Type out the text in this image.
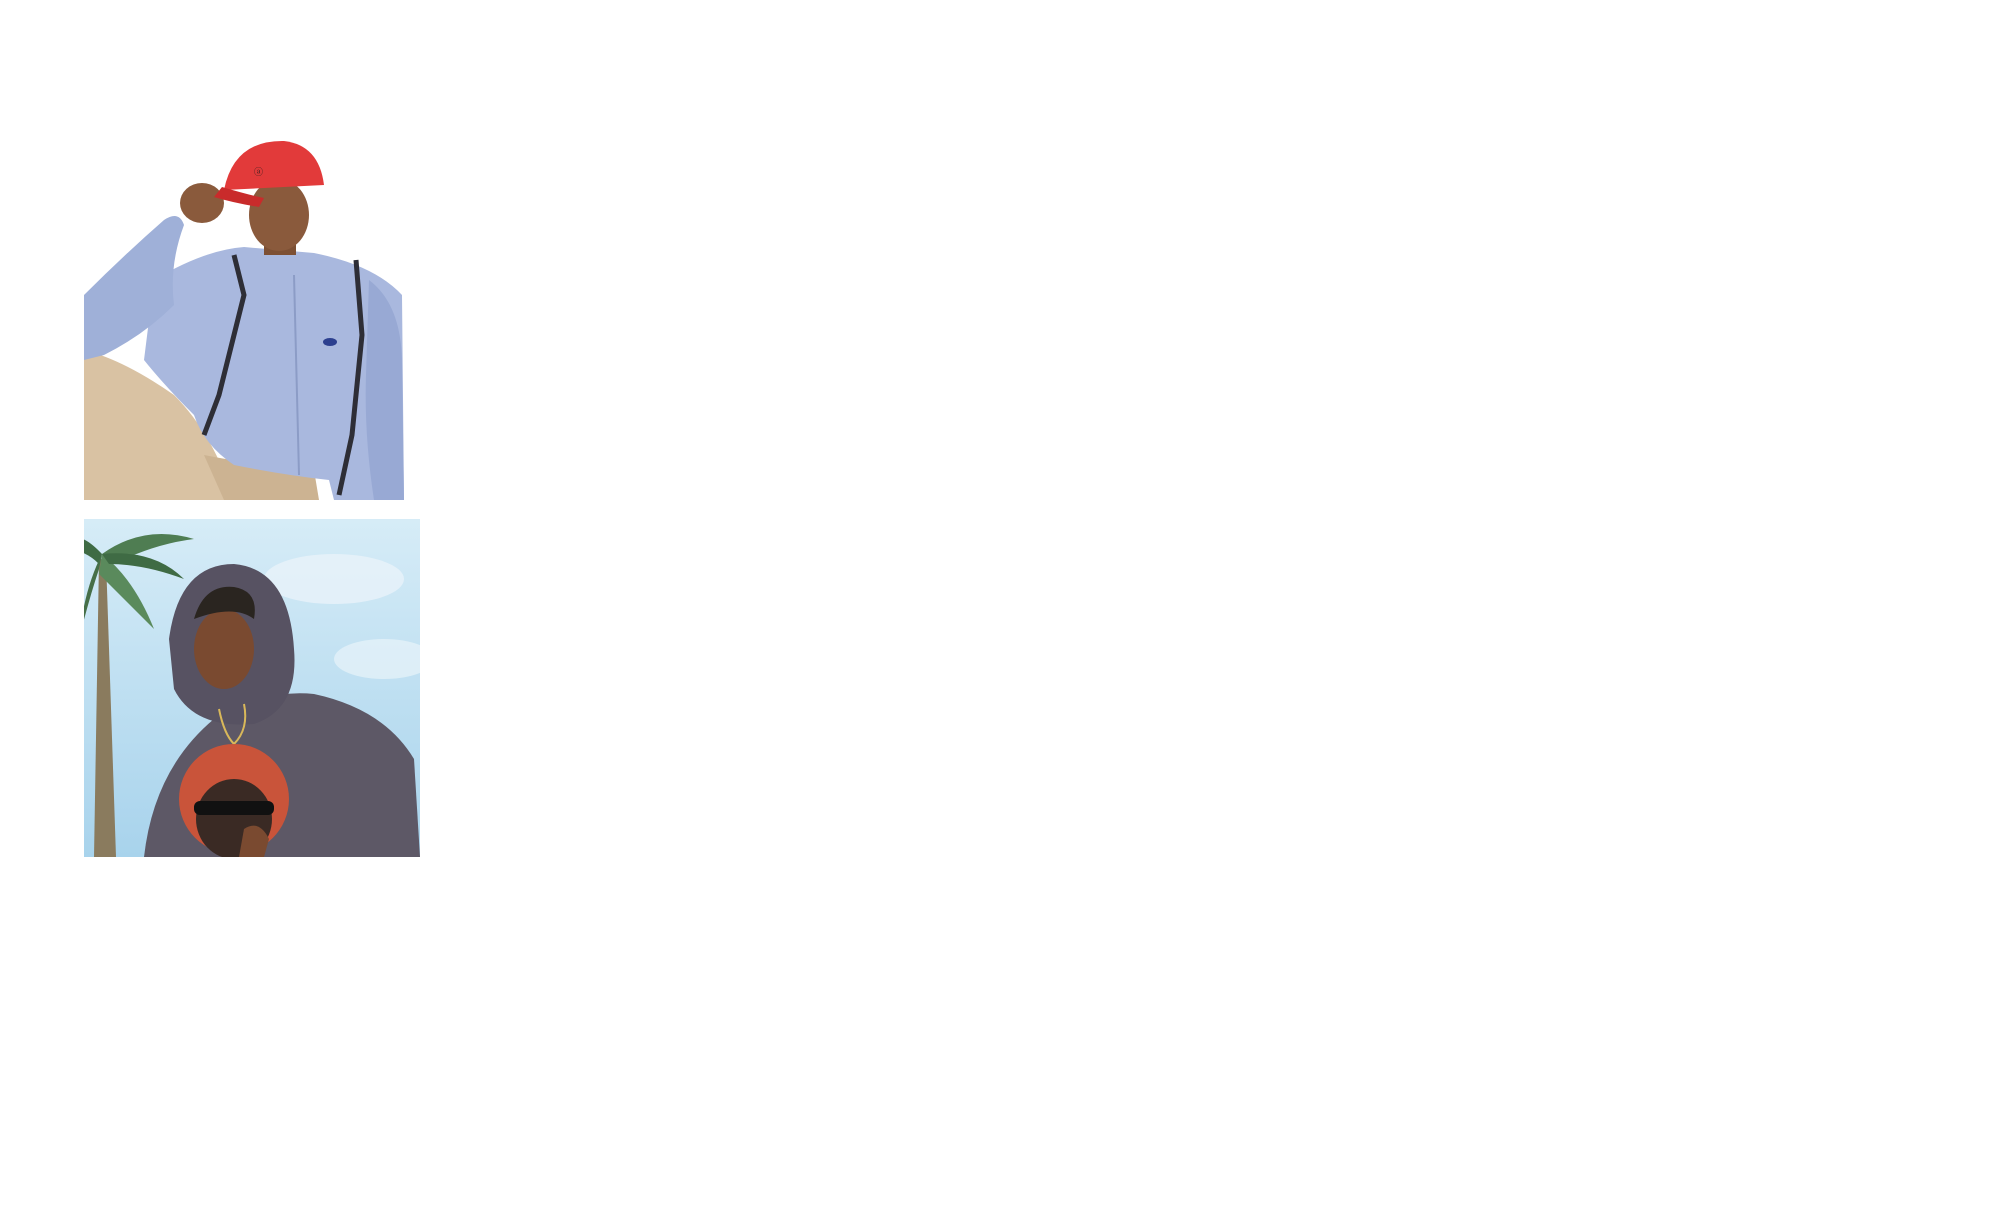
ⓐ
